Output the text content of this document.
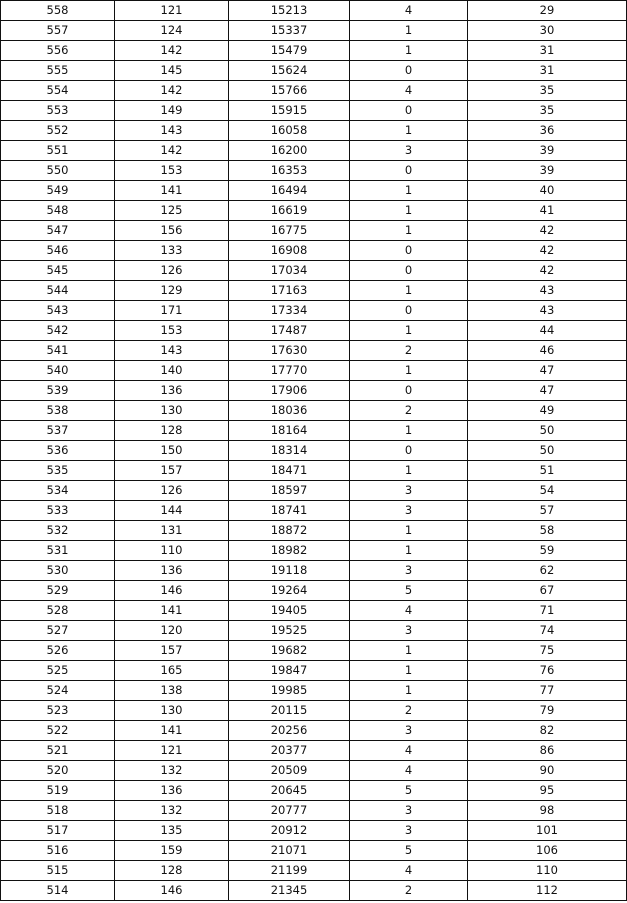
558	121	15213	4	29
557	124	15337	1	30
556	142	15479	1	31
555	145	15624	0	31
554	142	15766	4	35
553	149	15915	0	35
552	143	16058	1	36
551	142	16200	3	39
550	153	16353	0	39
549	141	16494	1	40
548	125	16619	1	41
547	156	16775	1	42
546	133	16908	0	42
545	126	17034	0	42
544	129	17163	1	43
543	171	17334	0	43
542	153	17487	1	44
541	143	17630	2	46
540	140	17770	1	47
539	136	17906	0	47
538	130	18036	2	49
537	128	18164	1	50
536	150	18314	0	50
535	157	18471	1	51
534	126	18597	3	54
533	144	18741	3	57
532	131	18872	1	58
531	110	18982	1	59
530	136	19118	3	62
529	146	19264	5	67
528	141	19405	4	71
527	120	19525	3	74
526	157	19682	1	75
525	165	19847	1	76
524	138	19985	1	77
523	130	20115	2	79
522	141	20256	3	82
521	121	20377	4	86
520	132	20509	4	90
519	136	20645	5	95
518	132	20777	3	98
517	135	20912	3	101
516	159	21071	5	106
515	128	21199	4	110
514	146	21345	2	112
